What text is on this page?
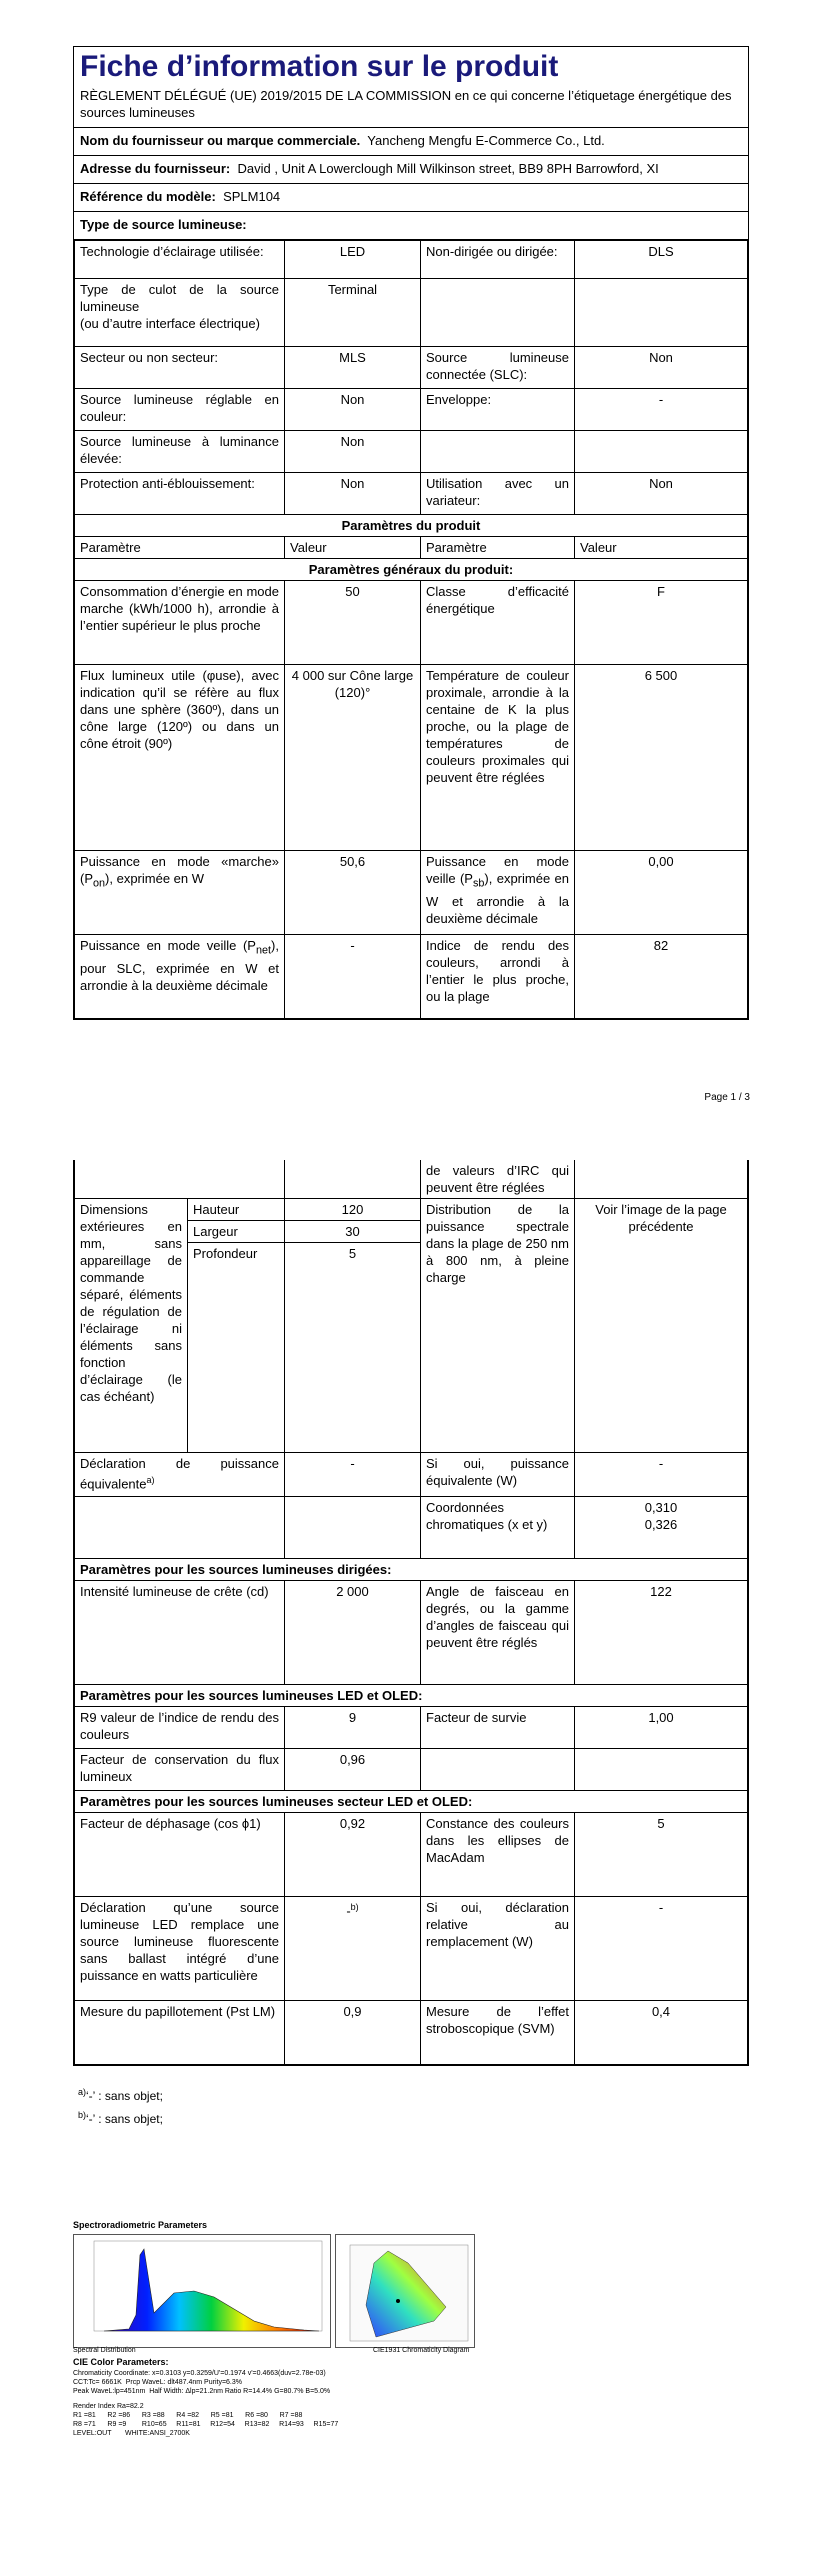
Fiche d’information sur le produit
RÈGLEMENT DÉLÉGUÉ (UE) 2019/2015 DE LA COMMISSION en ce qui concerne l’étiquetage énergétique des sources lumineuses
Nom du fournisseur ou marque commerciale. Yancheng Mengfu E-Commerce Co., Ltd.
Adresse du fournisseur: David , Unit A Lowerclough Mill Wilkinson street, BB9 8PH Barrowford, XI
Référence du modèle: SPLM104
Type de source lumineuse:
Technologie d’éclairage utilisée:	LED	Non-dirigée ou dirigée:	DLS
Type de culot de la source lumineuse
(ou d’autre interface électrique)	Terminal		
Secteur ou non secteur:	MLS	Source lumineuse connectée (SLC):	Non
Source lumineuse réglable en couleur:	Non	Enveloppe:	-
Source lumineuse à luminance élevée:	Non		
Protection anti-éblouissement:	Non	Utilisation avec un variateur:	Non
Paramètres du produit			
Paramètre	Valeur	Paramètre	Valeur
Paramètres généraux du produit:			
Consommation d’énergie en mode marche (kWh/1000 h), arrondie à l’entier supérieur le plus proche	50	Classe d’efficacité énergétique	F
Flux lumineux utile (φuse), avec indication qu’il se réfère au flux dans une sphère (360º), dans un cône large (120º) ou dans un cône étroit (90º)	4 000 sur Cône large (120)°	Température de couleur proximale, arrondie à la centaine de K la plus proche, ou la plage de températures de couleurs proximales qui peuvent être réglées	6 500
Puissance en mode «marche» $(P_{on})$, exprimée en W	50,6	Puissance en mode veille $(P_{sb})$, exprimée en W et arrondie à la deuxième décimale	0,00
Puissance en mode veille $(P_{net})$, pour SLC, exprimée en W et arrondie à la deuxième décimale	-	Indice de rendu des couleurs, arrondi à l’entier le plus proche, ou la plage	82
Page 1 / 3
			de valeurs d’IRC qui peuvent être réglées	
Dimensions extérieures en mm, sans appareillage de commande séparé, éléments de régulation de l’éclairage ni éléments sans fonction d’éclairage (le cas échéant)	Hauteur	120	Distribution de la puissance spectrale dans la plage de 250 nm à 800 nm, à pleine charge	Voir l’image de la page précédente
	Largeur	30		
	Profondeur	5		
Déclaration de puissance équivalente$^{a)}$		-	Si oui, puissance équivalente (W)	-
			Coordonnées chromatiques (x et y)	0,310
0,326
Paramètres pour les sources lumineuses dirigées:				
Intensité lumineuse de crête (cd)		2 000	Angle de faisceau en degrés, ou la gamme d’angles de faisceau qui peuvent être réglés	122
Paramètres pour les sources lumineuses LED et OLED:				
R9 valeur de l’indice de rendu des couleurs		9	Facteur de survie	1,00
Facteur de conservation du flux lumineux		0,96		
Paramètres pour les sources lumineuses secteur LED et OLED:				
Facteur de déphasage (cos ϕ1)		0,92	Constance des couleurs dans les ellipses de MacAdam	5
Déclaration qu’une source lumineuse LED remplace une source lumineuse fluorescente sans ballast intégré d’une puissance en watts particulière		-$^{b)}$	Si oui, déclaration relative au remplacement (W)	-
Mesure du papillotement (Pst LM)		0,9	Mesure de l’effet stroboscopique (SVM)	0,4
$^{a)}$‘-’ : sans objet;
$^{b)}$‘-’ : sans objet;
Spectroradiometric Parameters
Spectral Distribution	CIE1931 Chromaticity Diagram
CIE Color Parameters:
Chromaticity Coordinate: x=0.3103 y=0.3259/U'=0.1974 v'=0.4663(duv=2.78e-03)
CCT:Tc= 6661K  Prcp WaveL: dlt487.4nm Purity=6.3%
Peak WaveL:lp=451nm  Half Width: Δlp=21.2nm Ratio R=14.4% G=80.7% B=5.0%
Render Index Ra=82.2
R1 =81      R2 =86      R3 =88      R4 =82      R5 =81      R6 =80      R7 =88
R8 =71      R9 =9        R10=65     R11=81     R12=54     R13=82     R14=93     R15=77
LEVEL:OUT       WHITE:ANSI_2700K
